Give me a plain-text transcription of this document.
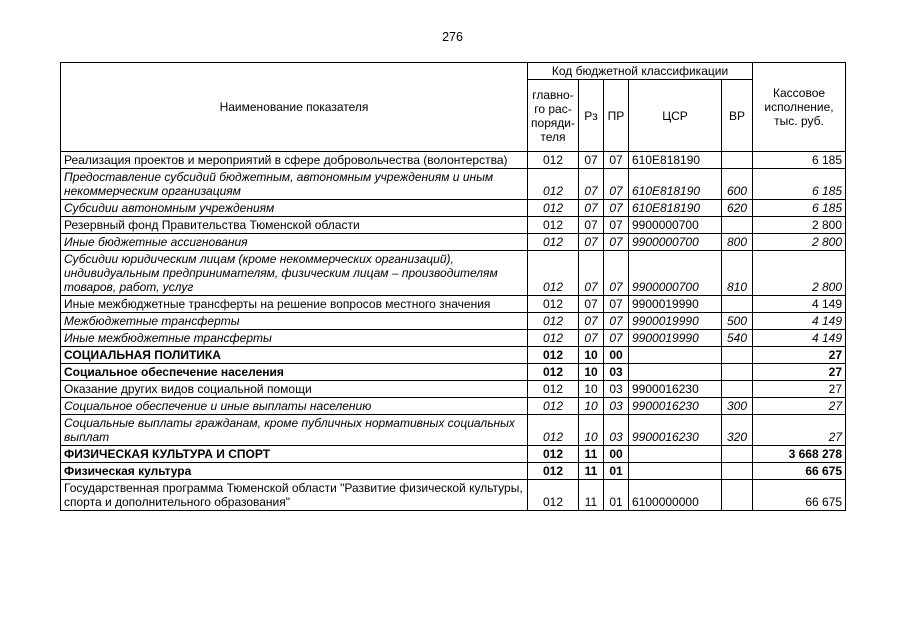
276
Наименование показателя	Код бюджетной классификации					Кассовое
исполнение,
тыс. руб.
	главно-
го рас-
поряди-
теля	Рз	ПР	ЦСР	ВР	
Реализация проектов и мероприятий в сфере добровольчества (волонтерства)	012	07	07	610E818190		6 185
Предоставление субсидий бюджетным, автономным учреждениям и иным некоммерческим организациям	012	07	07	610E818190	600	6 185
Субсидии автономным учреждениям	012	07	07	610E818190	620	6 185
Резервный фонд Правительства Тюменской области	012	07	07	9900000700		2 800
Иные бюджетные ассигнования	012	07	07	9900000700	800	2 800
Субсидии юридическим лицам (кроме некоммерческих организаций), индивидуальным предпринимателям, физическим лицам – производителям товаров, работ, услуг	012	07	07	9900000700	810	2 800
Иные межбюджетные трансферты на решение вопросов местного значения	012	07	07	9900019990		4 149
Межбюджетные трансферты	012	07	07	9900019990	500	4 149
Иные межбюджетные трансферты	012	07	07	9900019990	540	4 149
СОЦИАЛЬНАЯ ПОЛИТИКА	012	10	00			27
Социальное обеспечение населения	012	10	03			27
Оказание других видов социальной помощи	012	10	03	9900016230		27
Социальное обеспечение и иные выплаты населению	012	10	03	9900016230	300	27
Социальные выплаты гражданам, кроме публичных нормативных социальных выплат	012	10	03	9900016230	320	27
ФИЗИЧЕСКАЯ КУЛЬТУРА И СПОРТ	012	11	00			3 668 278
Физическая культура	012	11	01			66 675
Государственная программа Тюменской области "Развитие физической культуры, спорта и дополнительного образования"	012	11	01	6100000000		66 675
